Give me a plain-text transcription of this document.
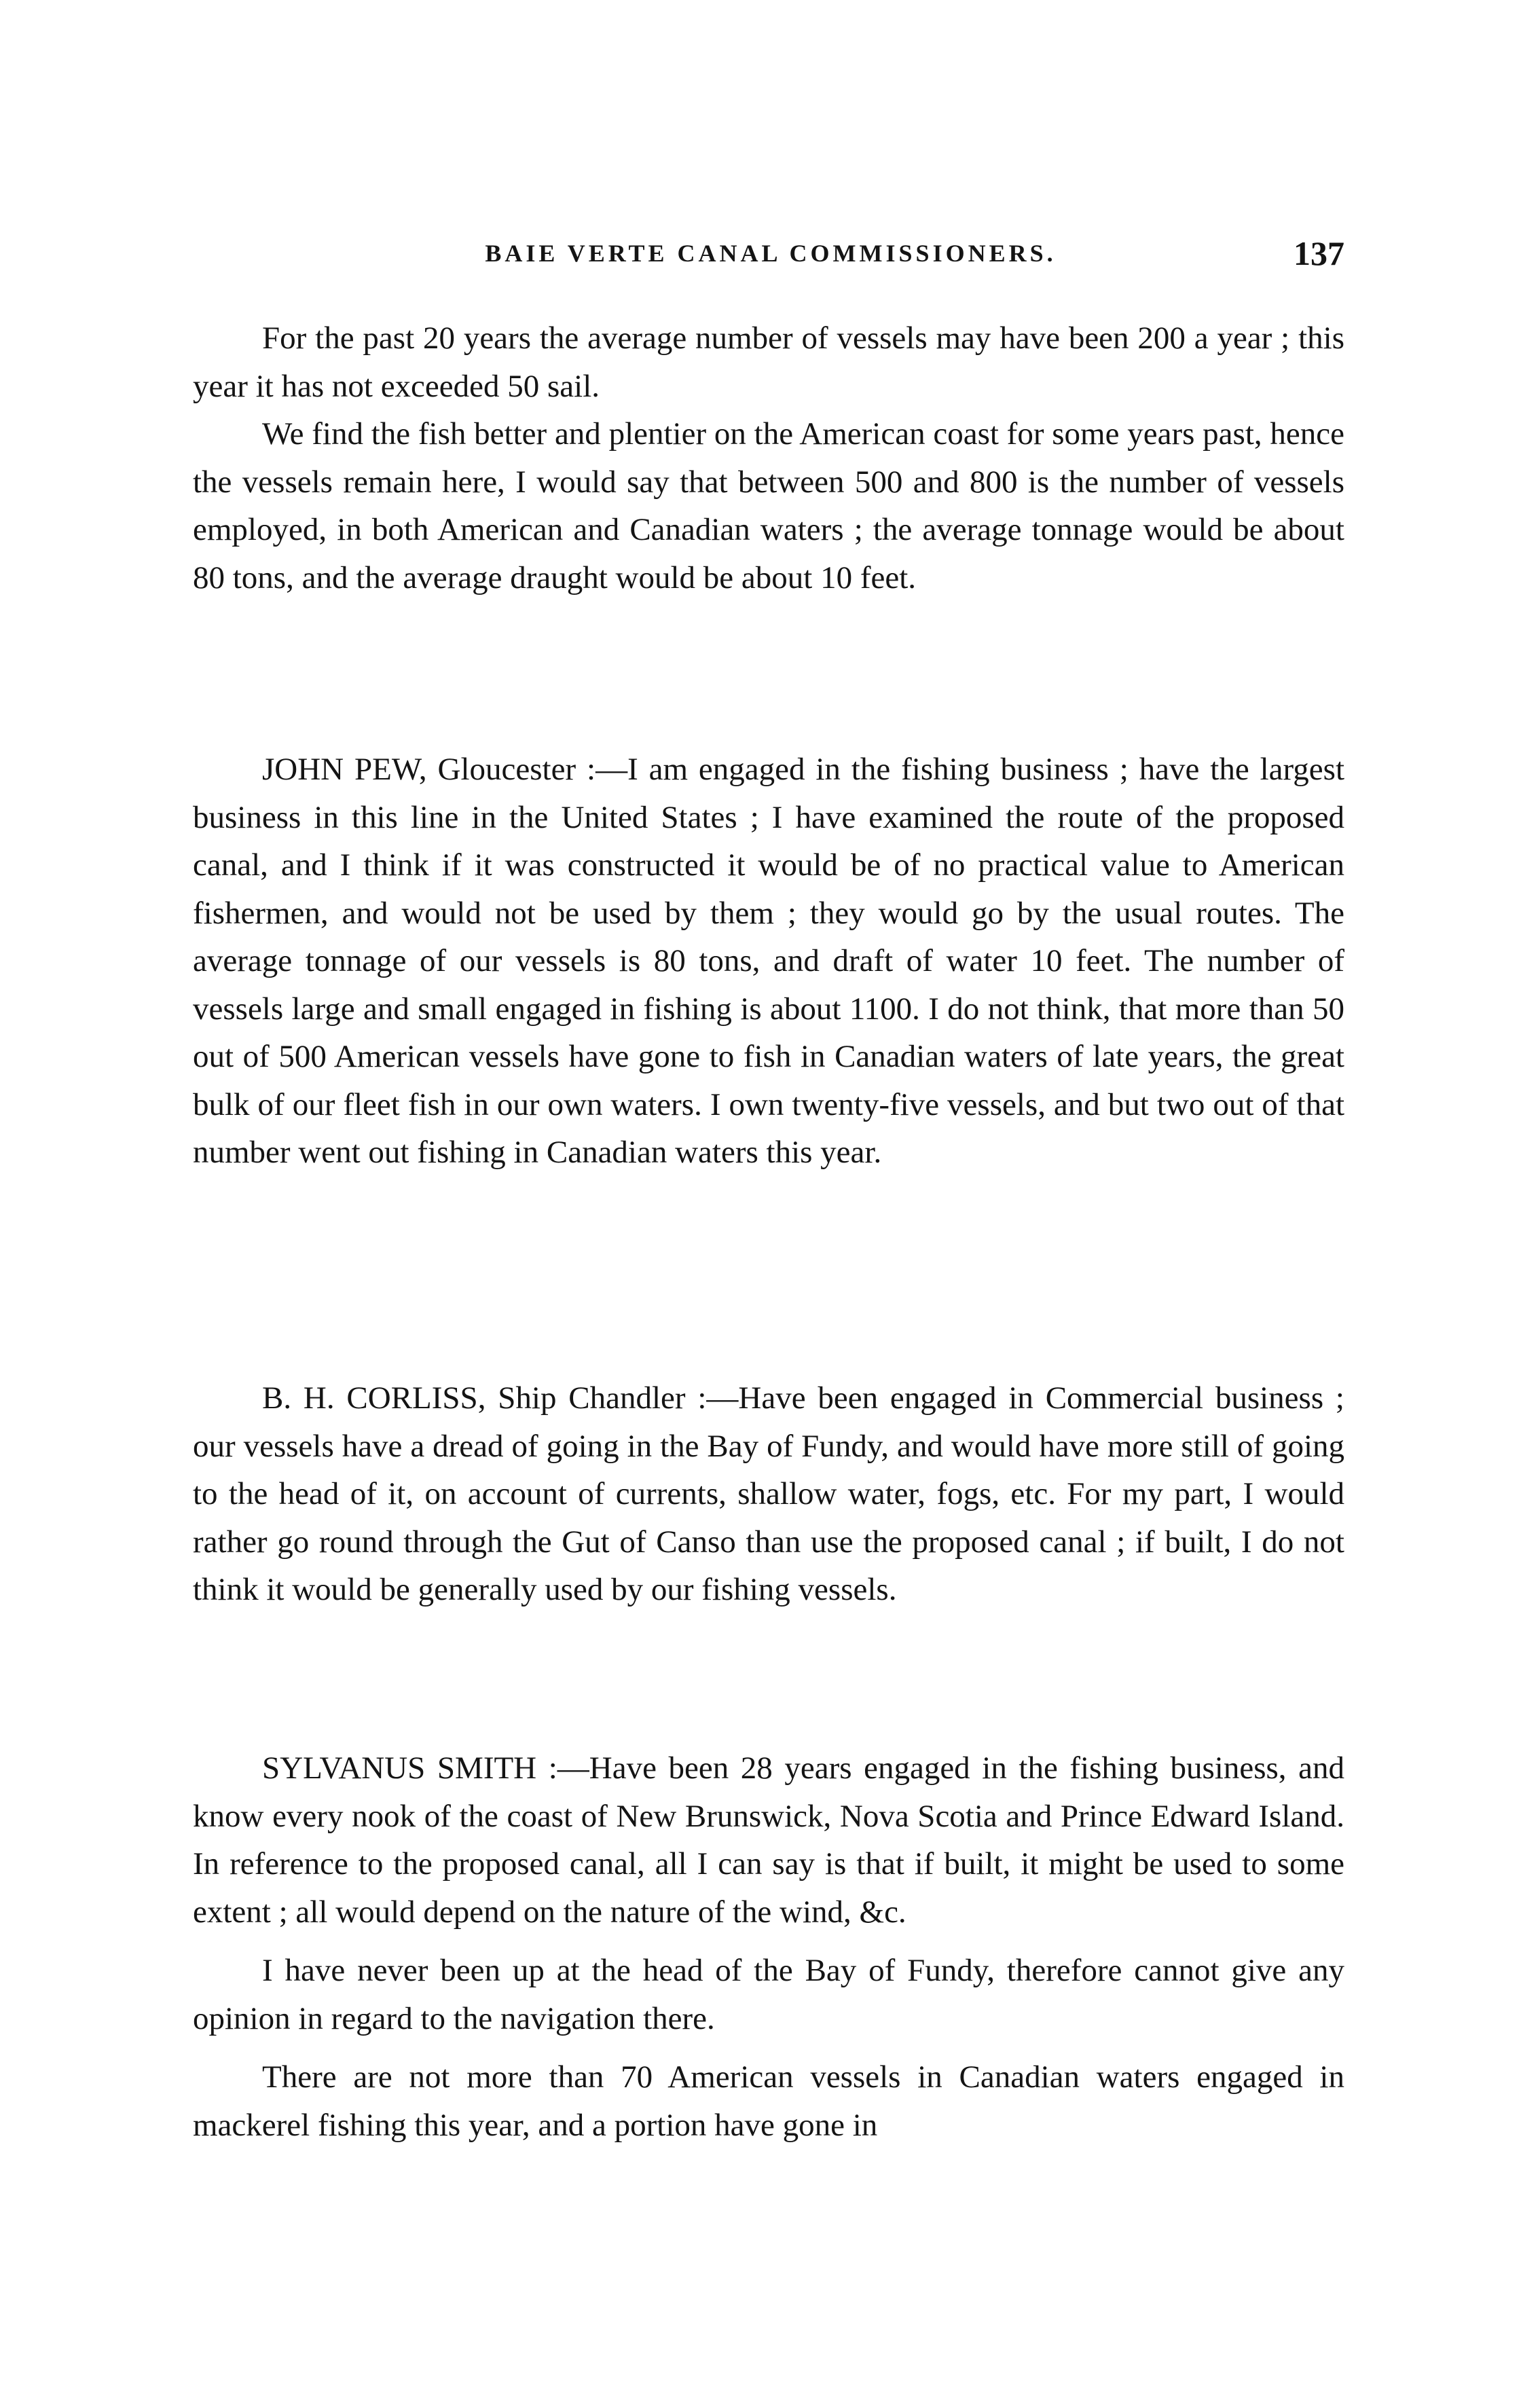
BAIE VERTE CANAL COMMISSIONERS.	137

For the past 20 years the average number of vessels may have been 200 a year ; this year it has not exceeded 50 sail.

We find the fish better and plentier on the American coast for some years past, hence the vessels remain here, I would say that between 500 and 800 is the number of vessels employed, in both American and Canadian waters ; the average tonnage would be about 80 tons, and the average draught would be about 10 feet.

JOHN PEW, Gloucester :—I am engaged in the fishing business ; have the largest business in this line in the United States ; I have examined the route of the proposed canal, and I think if it was constructed it would be of no practical value to American fishermen, and would not be used by them ; they would go by the usual routes. The average tonnage of our vessels is 80 tons, and draft of water 10 feet. The number of vessels large and small engaged in fishing is about 1100. I do not think, that more than 50 out of 500 American vessels have gone to fish in Canadian waters of late years, the great bulk of our fleet fish in our own waters. I own twenty-five vessels, and but two out of that number went out fishing in Canadian waters this year.

B. H. CORLISS, Ship Chandler :—Have been engaged in Commercial business ; our vessels have a dread of going in the Bay of Fundy, and would have more still of going to the head of it, on account of currents, shallow water, fogs, etc. For my part, I would rather go round through the Gut of Canso than use the proposed canal ; if built, I do not think it would be generally used by our fishing vessels.

SYLVANUS SMITH :—Have been 28 years engaged in the fishing business, and know every nook of the coast of New Brunswick, Nova Scotia and Prince Edward Island. In reference to the proposed canal, all I can say is that if built, it might be used to some extent ; all would depend on the nature of the wind, &c.

I have never been up at the head of the Bay of Fundy, therefore cannot give any opinion in regard to the navigation there.

There are not more than 70 American vessels in Canadian waters engaged in mackerel fishing this year, and a portion have gone in
